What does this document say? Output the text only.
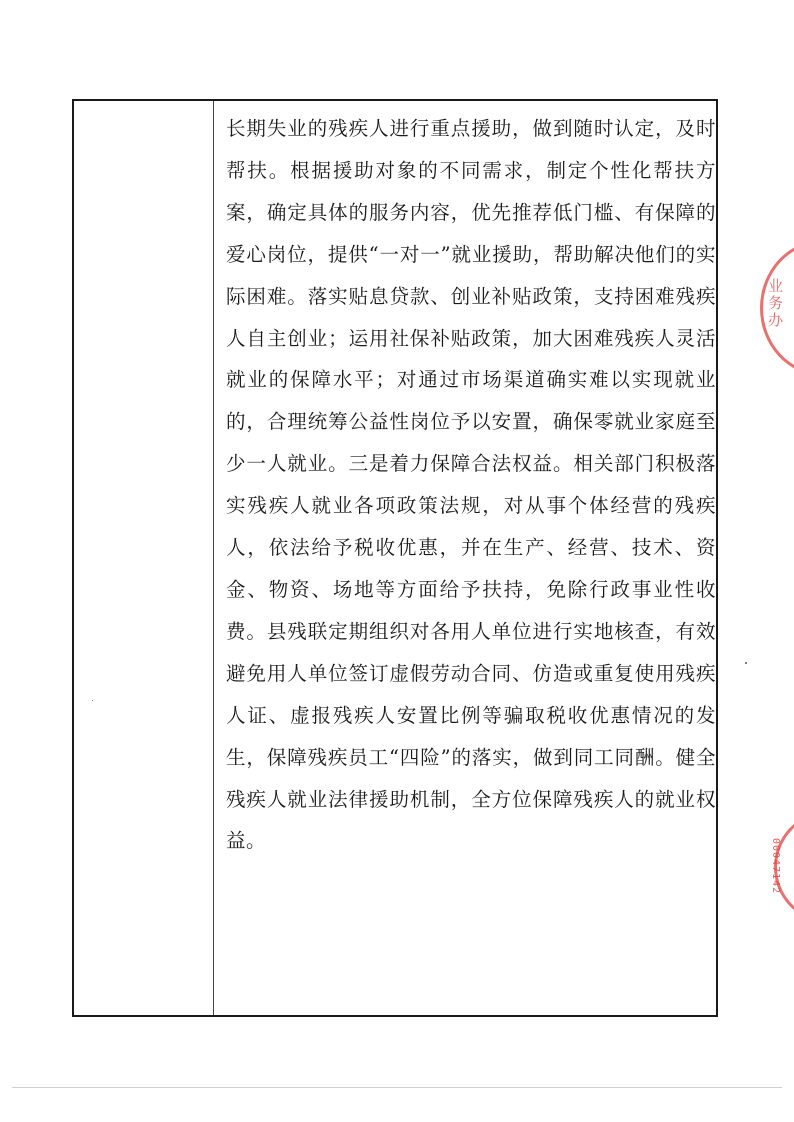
长期失业的残疾人进行重点援助，做到随时认定，及时帮扶。根据援助对象的不同需求，制定个性化帮扶方案，确定具体的服务内容，优先推荐低门槛、有保障的爱心岗位，提供“一对一”就业援助，帮助解决他们的实际困难。落实贴息贷款、创业补贴政策，支持困难残疾人自主创业；运用社保补贴政策，加大困难残疾人灵活就业的保障水平；对通过市场渠道确实难以实现就业的，合理统筹公益性岗位予以安置，确保零就业家庭至少一人就业。三是着力保障合法权益。相关部门积极落实残疾人就业各项政策法规，对从事个体经营的残疾人，依法给予税收优惠，并在生产、经营、技术、资金、物资、场地等方面给予扶持，免除行政事业性收费。县残联定期组织对各用人单位进行实地核查，有效避免用人单位签订虚假劳动合同、仿造或重复使用残疾人证、虚报残疾人安置比例等骗取税收优惠情况的发生，保障残疾员工“四险”的落实，做到同工同酬。健全残疾人就业法律援助机制，全方位保障残疾人的就业权益。

业务办
00047142
